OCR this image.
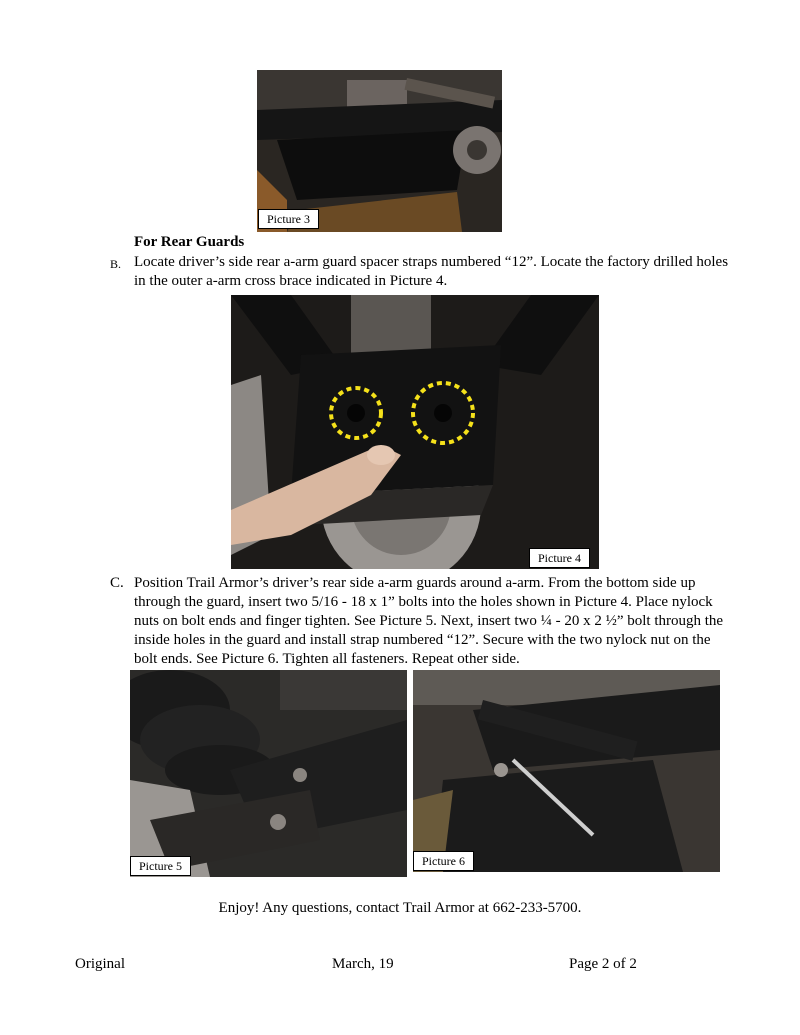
Picture 3
For Rear Guards
B. Locate driver’s side rear a-arm guard spacer straps numbered “12”. Locate the factory drilled holes in the outer a-arm cross brace indicated in Picture 4.
Picture 4
C. Position Trail Armor’s driver’s rear side a-arm guards around a-arm. From the bottom side up through the guard, insert two 5/16 - 18 x 1” bolts into the holes shown in Picture 4. Place nylock nuts on bolt ends and finger tighten. See Picture 5. Next, insert two ¼ - 20 x 2 ½” bolt through the inside holes in the guard and install strap numbered “12”. Secure with the two nylock nut on the bolt ends. See Picture 6. Tighten all fasteners. Repeat other side.
Picture 5	Picture 6
Enjoy! Any questions, contact Trail Armor at 662-233-5700.
Original	March, 19	Page 2 of 2
